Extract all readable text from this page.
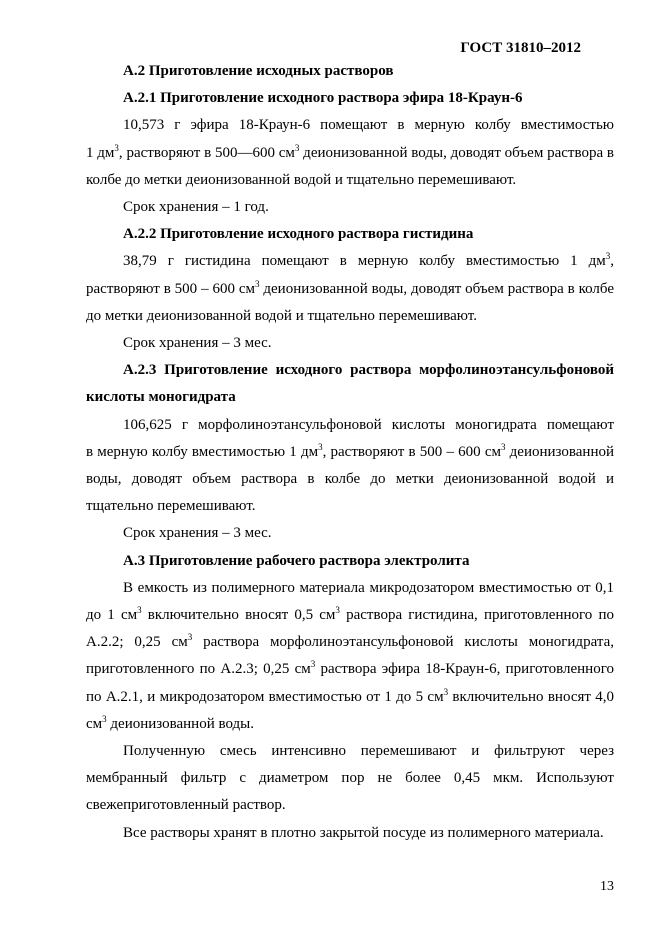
ГОСТ 31810–2012

А.2 Приготовление исходных растворов

А.2.1 Приготовление исходного раствора эфира 18-Краун-6

10,573 г эфира 18-Краун-6 помещают в мерную колбу вместимостью
1 $дм^3$, растворяют в 500—600 $см^3$ деионизованной воды, доводят объем раствора в колбе до метки деионизованной водой и тщательно перемешивают.

Срок хранения – 1 год.

А.2.2 Приготовление исходного раствора гистидина

38,79 г гистидина помещают в мерную колбу вместимостью 1 $дм^3$, растворяют в 500 – 600 $см^3$ деионизованной воды, доводят объем раствора в колбе до метки деионизованной водой и тщательно перемешивают.

Срок хранения – 3 мес.

А.2.3 Приготовление исходного раствора морфолиноэтансульфоновой кислоты моногидрата

106,625 г морфолиноэтансульфоновой кислоты моногидрата помещают
в мерную колбу вместимостью 1 $дм^3$, растворяют в 500 – 600 $см^3$ деионизованной воды, доводят объем раствора в колбе до метки деионизованной водой и тщательно перемешивают.

Срок хранения – 3 мес.

А.3 Приготовление рабочего раствора электролита

В емкость из полимерного материала микродозатором вместимостью от 0,1 до 1 $см^3$ включительно вносят 0,5 $см^3$ раствора гистидина, приготовленного по А.2.2; 0,25 $см^3$ раствора морфолиноэтансульфоновой кислоты моногидрата, приготовленного по А.2.3; 0,25 $см^3$ раствора эфира 18-Краун-6, приготовленного по А.2.1, и микродозатором вместимостью от 1 до 5 $см^3$ включительно вносят 4,0 $см^3$ деионизованной воды.

Полученную смесь интенсивно перемешивают и фильтруют через мембранный фильтр с диаметром пор не более 0,45 мкм. Используют свежеприготовленный раствор.

Все растворы хранят в плотно закрытой посуде из полимерного материала.

13
